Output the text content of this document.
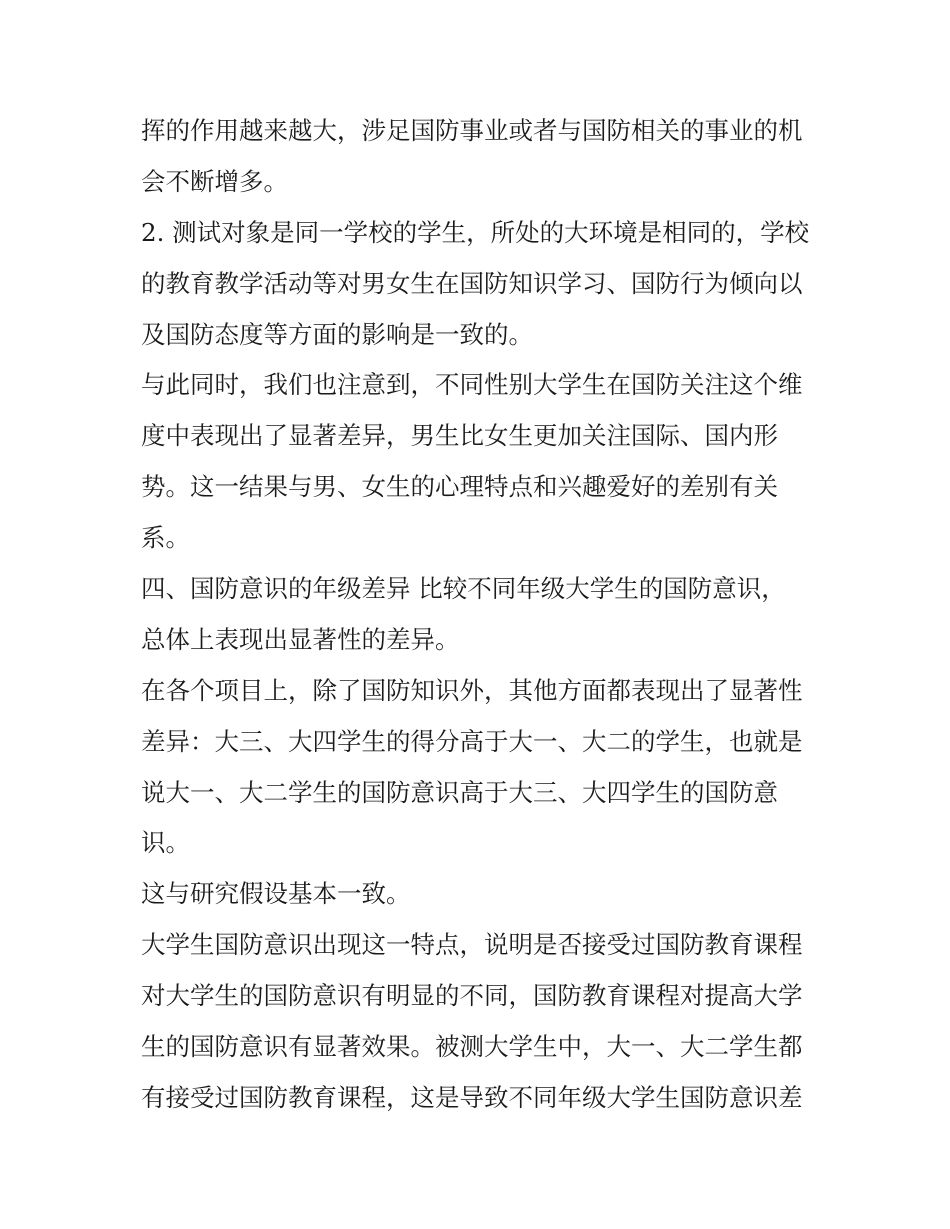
挥的作用越来越大，涉足国防事业或者与国防相关的事业的机
会不断增多。
2. 测试对象是同一学校的学生，所处的大环境是相同的，学校
的教育教学活动等对男女生在国防知识学习、国防行为倾向以
及国防态度等方面的影响是一致的。
与此同时，我们也注意到，不同性别大学生在国防关注这个维
度中表现出了显著差异，男生比女生更加关注国际、国内形
势。这一结果与男、女生的心理特点和兴趣爱好的差别有关
系。
四、国防意识的年级差异 比较不同年级大学生的国防意识，
总体上表现出显著性的差异。
在各个项目上，除了国防知识外，其他方面都表现出了显著性
差异：大三、大四学生的得分高于大一、大二的学生，也就是
说大一、大二学生的国防意识高于大三、大四学生的国防意
识。
这与研究假设基本一致。
大学生国防意识出现这一特点，说明是否接受过国防教育课程
对大学生的国防意识有明显的不同，国防教育课程对提高大学
生的国防意识有显著效果。被测大学生中，大一、大二学生都
有接受过国防教育课程，这是导致不同年级大学生国防意识差
